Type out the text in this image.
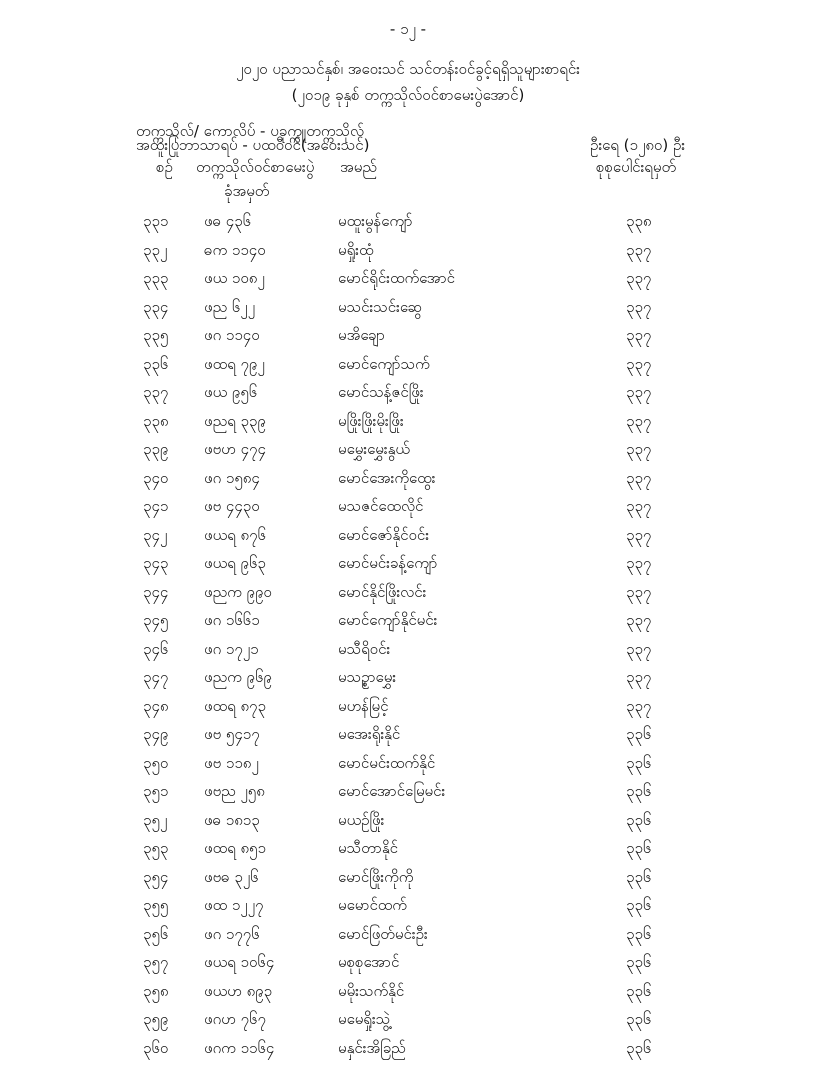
- ၁၂ -
၂၀၂၀ ပညာသင်နှစ်၊ အဝေးသင် သင်တန်းဝင်ခွင့်ရရှိသူများစာရင်း
(၂၀၁၉ ခုနှစ် တက္ကသိုလ်ဝင်စာမေးပွဲအောင်)
တက္ကသိုလ်/ ကောလိပ် - ပခုက္ကူတက္ကသိုလ်
အထူးပြုဘာသာရပ် - ပထဝီဝင်(အဝေးသင်)	ဦးရေ (၁၂၈၀) ဦး
စဉ် တက္ကသိုလ်ဝင်စာမေးပွဲ
ခုံအမှတ်
အမည်	စုစုပေါင်းရမှတ်
၃၃၁ ဖဓ ၄၃၆	မထူးမွန်ကျော်	၃၃၈
၃၃၂ ဓက ၁၁၄၀	မရှိုးထုံ	၃၃၇
၃၃၃ ဖယ ၁၀၈၂	မောင်ရိုင်းထက်အောင်	၃၃၇
၃၃၄ ဖည ၆၂၂	မသင်းသင်းဆွေ	၃၃၇
၃၃၅ ဖဂ ၁၁၄၀	မအိချော	၃၃၇
၃၃၆ ဖထရ ၇၉၂	မောင်ကျော်သက်	၃၃၇
၃၃၇ ဖယ ၉၅၆	မောင်သန့်ဇင်ဖြိုး	၃၃၇
၃၃၈ ဖညရ ၃၃၉	မဖြိုးဖြိုးမိုးဖြိုး	၃၃၇
၃၃၉ ဖဗဟ ၄၇၄	မမွှေးမွှေးနွယ်	၃၃၇
၃၄၀ ဖဂ ၁၅၈၄	မောင်အေးကိုထွေး	၃၃၇
၃၄၁ ဖဗ ၄၄၃၀	မသဇင်ထေလိုင်	၃၃၇
၃၄၂ ဖယရ ၈၇၆	မောင်ဇော်နိုင်ဝင်း	၃၃၇
၃၄၃ ဖယရ ၉၆၃	မောင်မင်းခန့်ကျော်	၃၃၇
၃၄၄ ဖညက ၉၉၀	မောင်နိုင်ဖြိုးလင်း	၃၃၇
၃၄၅ ဖဂ ၁၆၆၁	မောင်ကျော်နိုင်မင်း	၃၃၇
၃၄၆ ဖဂ ၁၇၂၁	မသီရိဝင်း	၃၃၇
၃၄၇ ဖညက ၉၆၉	မသဉ္စာမွှေး	၃၃၇
၃၄၈ ဖထရ ၈၇၃	မဟန်မြင့်	၃၃၇
၃၄၉ ဖဗ ၅၄၁၇	မအေးရိုးနိုင်	၃၃၆
၃၅၀ ဖဗ ၁၁၈၂	မောင်မင်းထက်နိုင်	၃၃၆
၃၅၁ ဖဗည ၂၅၈	မောင်အောင်မြေမင်း	၃၃၆
၃၅၂ ဖဓ ၁၈၁၃	မယဉ်ဖြိုး	၃၃၆
၃၅၃ ဖထရ ၈၅၁	မသီတာနိုင်	၃၃၆
၃၅၄ ဖဗဓ ၃၂၆	မောင်ဖြိုးကိုကို	၃၃၆
၃၅၅ ဖထ ၁၂၂၇	မမောင်ထက်	၃၃၆
၃၅၆ ဖဂ ၁၇၇၆	မောင်ဖြတ်မင်းဦး	၃၃၆
၃၅၇ ဖယရ ၁၀၆၄	မစုစုအောင်	၃၃၆
၃၅၈ ဖယဟ ၈၉၃	မမိုးသက်နိုင်	၃၃၆
၃၅၉ ဖဂဟ ၇၆၇	မမေရှိုးသွဲ့	၃၃၆
၃၆၀ ဖဂက ၁၁၆၄	မနှင်းအိခြည်	၃၃၆
